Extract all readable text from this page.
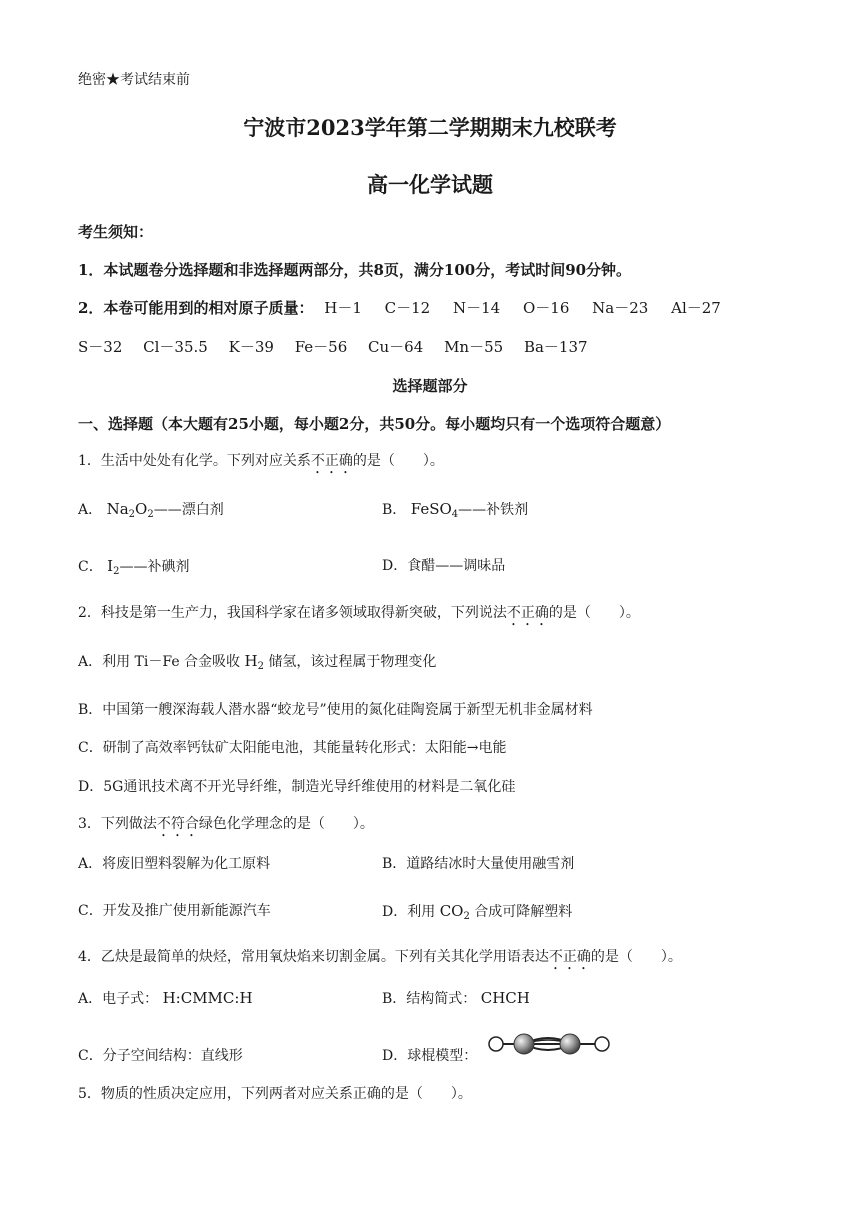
绝密★考试结束前
宁波市2023学年第二学期期末九校联考
高一化学试题
考生须知：
1．本试题卷分选择题和非选择题两部分，共8页，满分100分，考试时间90分钟。
2．本卷可能用到的相对原子质量： H－1 C－12 N－14 O－16 Na－23 Al－27
S－32 Cl－35.5 K－39 Fe－56 Cu－64 Mn－55 Ba－137
选择题部分
一、选择题（本大题有25小题，每小题2分，共50分。每小题均只有一个选项符合题意）
1．生活中处处有化学。下列对应关系不正确的是（　　）。
A． $Na_2O_2——$漂白剂	B． FeSO$_4$——补铁剂
C． $I_2——$补碘剂	D．食醋——调味品
2．科技是第一生产力，我国科学家在诸多领域取得新突破，下列说法不正确的是（　　）。
A．利用 Ti－Fe 合金吸收 $H_2$ 储氢，该过程属于物理变化
B．中国第一艘深海载人潜水器“蛟龙号”使用的氮化硅陶瓷属于新型无机非金属材料
C．研制了高效率钙钛矿太阳能电池，其能量转化形式：太阳能→电能
D．5G通讯技术离不开光导纤维，制造光导纤维使用的材料是二氧化硅
3．下列做法不符合绿色化学理念的是（　　）。
A．将废旧塑料裂解为化工原料	B．道路结冰时大量使用融雪剂
C．开发及推广使用新能源汽车	D．利用 $CO_2$ 合成可降解塑料
4．乙炔是最简单的炔烃，常用氧炔焰来切割金属。下列有关其化学用语表达不正确的是（　　）。
A．电子式： H:CMMC:H	B．结构简式： CHCH
C．分子空间结构：直线形	D．球棍模型：
5．物质的性质决定应用，下列两者对应关系正确的是（　　）。
